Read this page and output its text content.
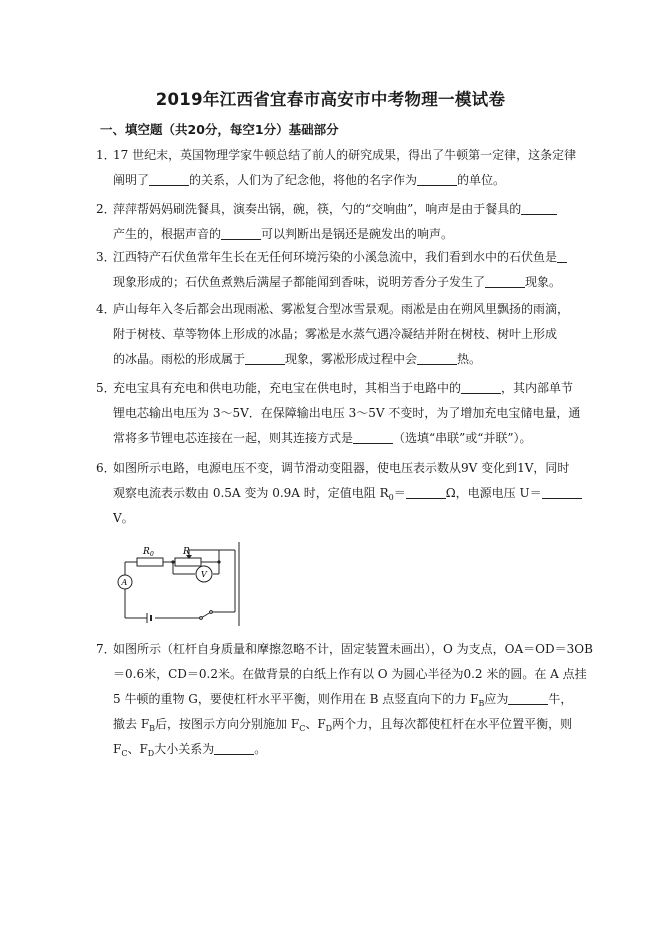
2019年江西省宜春市高安市中考物理一模试卷
一、填空题（共20分，每空1分）基础部分
1．17 世纪末，英国物理学家牛顿总结了前人的研究成果，得出了牛顿第一定律，这条定律
阐明了	的关系，人们为了纪念他，将他的名字作为	的单位。
2．萍萍帮妈妈刷洗餐具，演奏出锅，碗，筷，勺的“交响曲”，响声是由于餐具的
产生的，根据声音的	可以判断出是锅还是碗发出的响声。
3．江西特产石伏鱼常年生长在无任何环境污染的小溪急流中，我们看到水中的石伏鱼是
现象形成的；石伏鱼煮熟后满屋子都能闻到香味，说明芳香分子发生了	现象。
4．庐山每年入冬后都会出现雨凇、雾凇复合型冰雪景观。雨凇是由在朔风里飘扬的雨滴，
附于树枝、草等物体上形成的冰晶；雾凇是水蒸气遇冷凝结并附在树枝、树叶上形成
的冰晶。雨松的形成属于	现象，雾凇形成过程中会	热。
5．充电宝具有充电和供电功能，充电宝在供电时，其相当于电路中的	，其内部单节
锂电芯输出电压为 3～5V．在保障输出电压 3～5V 不变时，为了增加充电宝储电量，通
常将多节锂电芯连接在一起，则其连接方式是	（选填“串联”或“并联”）。
6．如图所示电路，电源电压不变，调节滑动变阻器，使电压表示数从9V 变化到1V，同时
观察电流表示数由 0.5A 变为 0.9A 时，定值电阻 $R_0=$	Ω，电源电压 U＝
V。
R 0	R
A
V
7．如图所示（杠杆自身质量和摩擦忽略不计，固定装置未画出），O 为支点，OA＝OD＝3OB
＝0.6米，CD＝0.2米。在做背景的白纸上作有以 O 为圆心半径为0.2 米的圆。在 A 点挂
5 牛顿的重物 G，要使杠杆水平平衡，则作用在 B 点竖直向下的力 $F_B$应为	牛，
撤去 $F_B$后，按图示方向分别施加 $F_C$、$F_D$两个力，且每次都使杠杆在水平位置平衡，则
$F_C$、$F_D$大小关系为	。
